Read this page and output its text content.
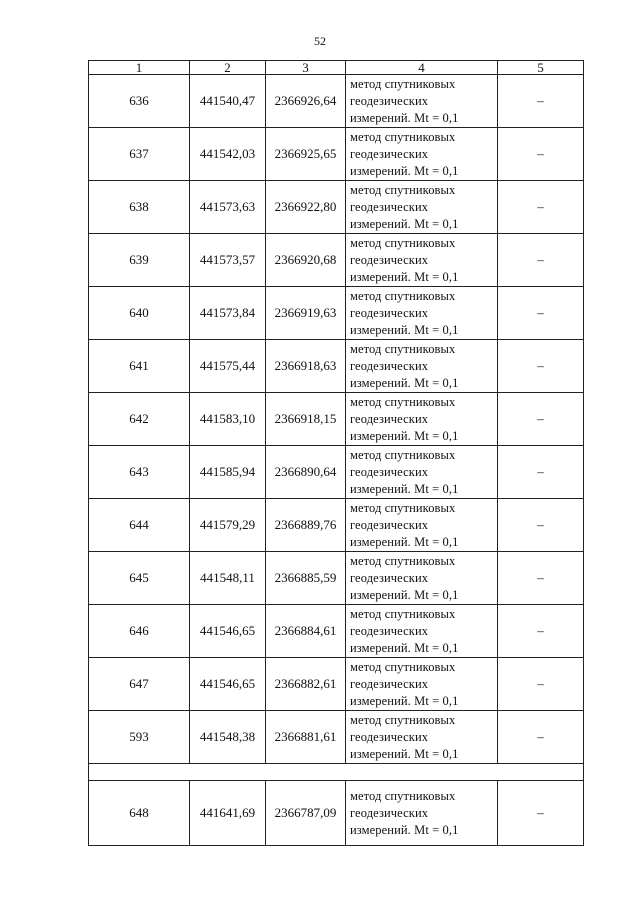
52
1	2	3	4	5
636	441540,47	2366926,64	метод спутниковых
геодезических
измерений. Mt = 0,1	–
637	441542,03	2366925,65	метод спутниковых
геодезических
измерений. Mt = 0,1	–
638	441573,63	2366922,80	метод спутниковых
геодезических
измерений. Mt = 0,1	–
639	441573,57	2366920,68	метод спутниковых
геодезических
измерений. Mt = 0,1	–
640	441573,84	2366919,63	метод спутниковых
геодезических
измерений. Mt = 0,1	–
641	441575,44	2366918,63	метод спутниковых
геодезических
измерений. Mt = 0,1	–
642	441583,10	2366918,15	метод спутниковых
геодезических
измерений. Mt = 0,1	–
643	441585,94	2366890,64	метод спутниковых
геодезических
измерений. Mt = 0,1	–
644	441579,29	2366889,76	метод спутниковых
геодезических
измерений. Mt = 0,1	–
645	441548,11	2366885,59	метод спутниковых
геодезических
измерений. Mt = 0,1	–
646	441546,65	2366884,61	метод спутниковых
геодезических
измерений. Mt = 0,1	–
647	441546,65	2366882,61	метод спутниковых
геодезических
измерений. Mt = 0,1	–
593	441548,38	2366881,61	метод спутниковых
геодезических
измерений. Mt = 0,1	–

648	441641,69	2366787,09	метод спутниковых
геодезических
измерений. Mt = 0,1	–
